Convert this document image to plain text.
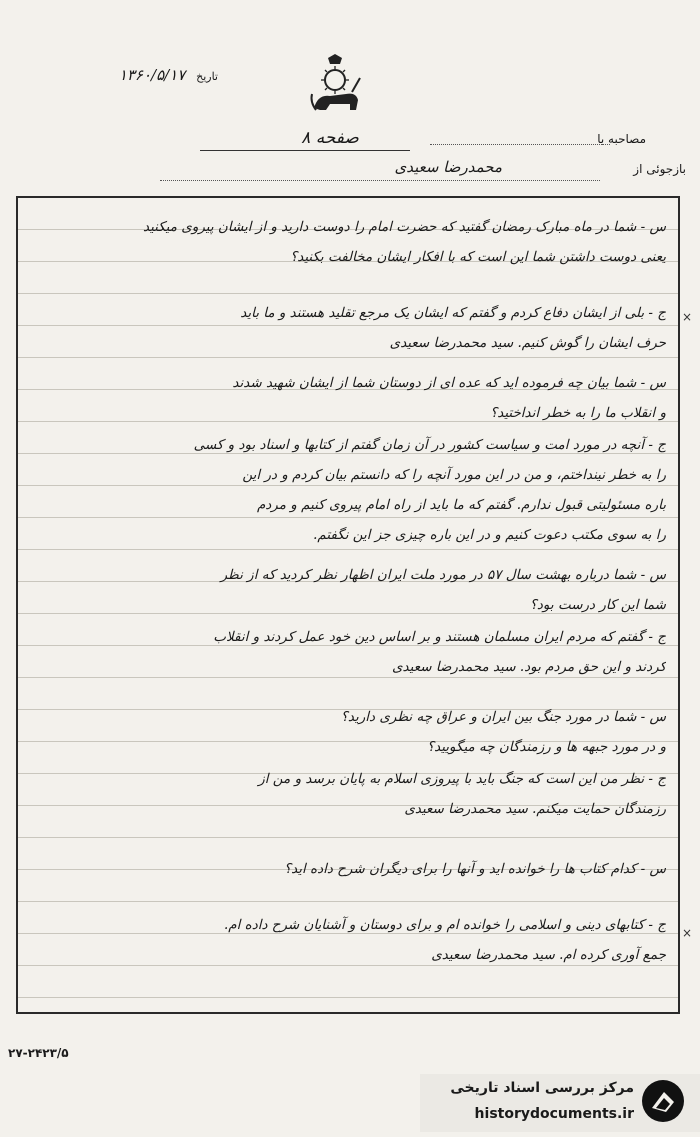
تاریخ ۱۳۶۰/۵/۱۷
صفحه ۸	مصاحبه با
بازجوئی از
محمدرضا سعیدی
س - شما در ماه مبارک رمضان گفتید که حضرت امام را دوست دارید و از ایشان پیروی میکنید
یعنی دوست داشتن شما این است که با افکار ایشان مخالفت بکنید؟
ج - بلی از ایشان دفاع کردم و گفتم که ایشان یک مرجع تقلید هستند و ما باید
حرف ایشان را گوش کنیم. سید محمدرضا سعیدی
س - شما بیان چه فرموده اید که عده ای از دوستان شما از ایشان شهید شدند
و انقلاب ما را به خطر انداختید؟
ج - آنچه در مورد امت و سیاست کشور در آن زمان گفتم از کتابها و اسناد بود و کسی
را به خطر نینداختم، و من در این مورد آنچه را که دانستم بیان کردم و در این
باره مسئولیتی قبول ندارم. گفتم که ما باید از راه امام پیروی کنیم و مردم
را به سوی مکتب دعوت کنیم و در این باره چیزی جز این نگفتم.
س - شما درباره بهشت سال ۵۷ در مورد ملت ایران اظهار نظر کردید که از نظر
شما این کار درست بود؟
ج - گفتم که مردم ایران مسلمان هستند و بر اساس دین خود عمل کردند و انقلاب
کردند و این حق مردم بود. سید محمدرضا سعیدی
س - شما در مورد جنگ بین ایران و عراق چه نظری دارید؟
و در مورد جبهه ها و رزمندگان چه میگویید؟
ج - نظر من این است که جنگ باید با پیروزی اسلام به پایان برسد و من از
رزمندگان حمایت میکنم. سید محمدرضا سعیدی
س - کدام کتاب ها را خوانده اید و آنها را برای دیگران شرح داده اید؟
ج - کتابهای دینی و اسلامی را خوانده ام و برای دوستان و آشنایان شرح داده ام.
جمع آوری کرده ام. سید محمدرضا سعیدی
×
×
۲۷-۲۴۲۳/۵
مرکز بررسی اسناد تاریخی
historydocuments.ir
